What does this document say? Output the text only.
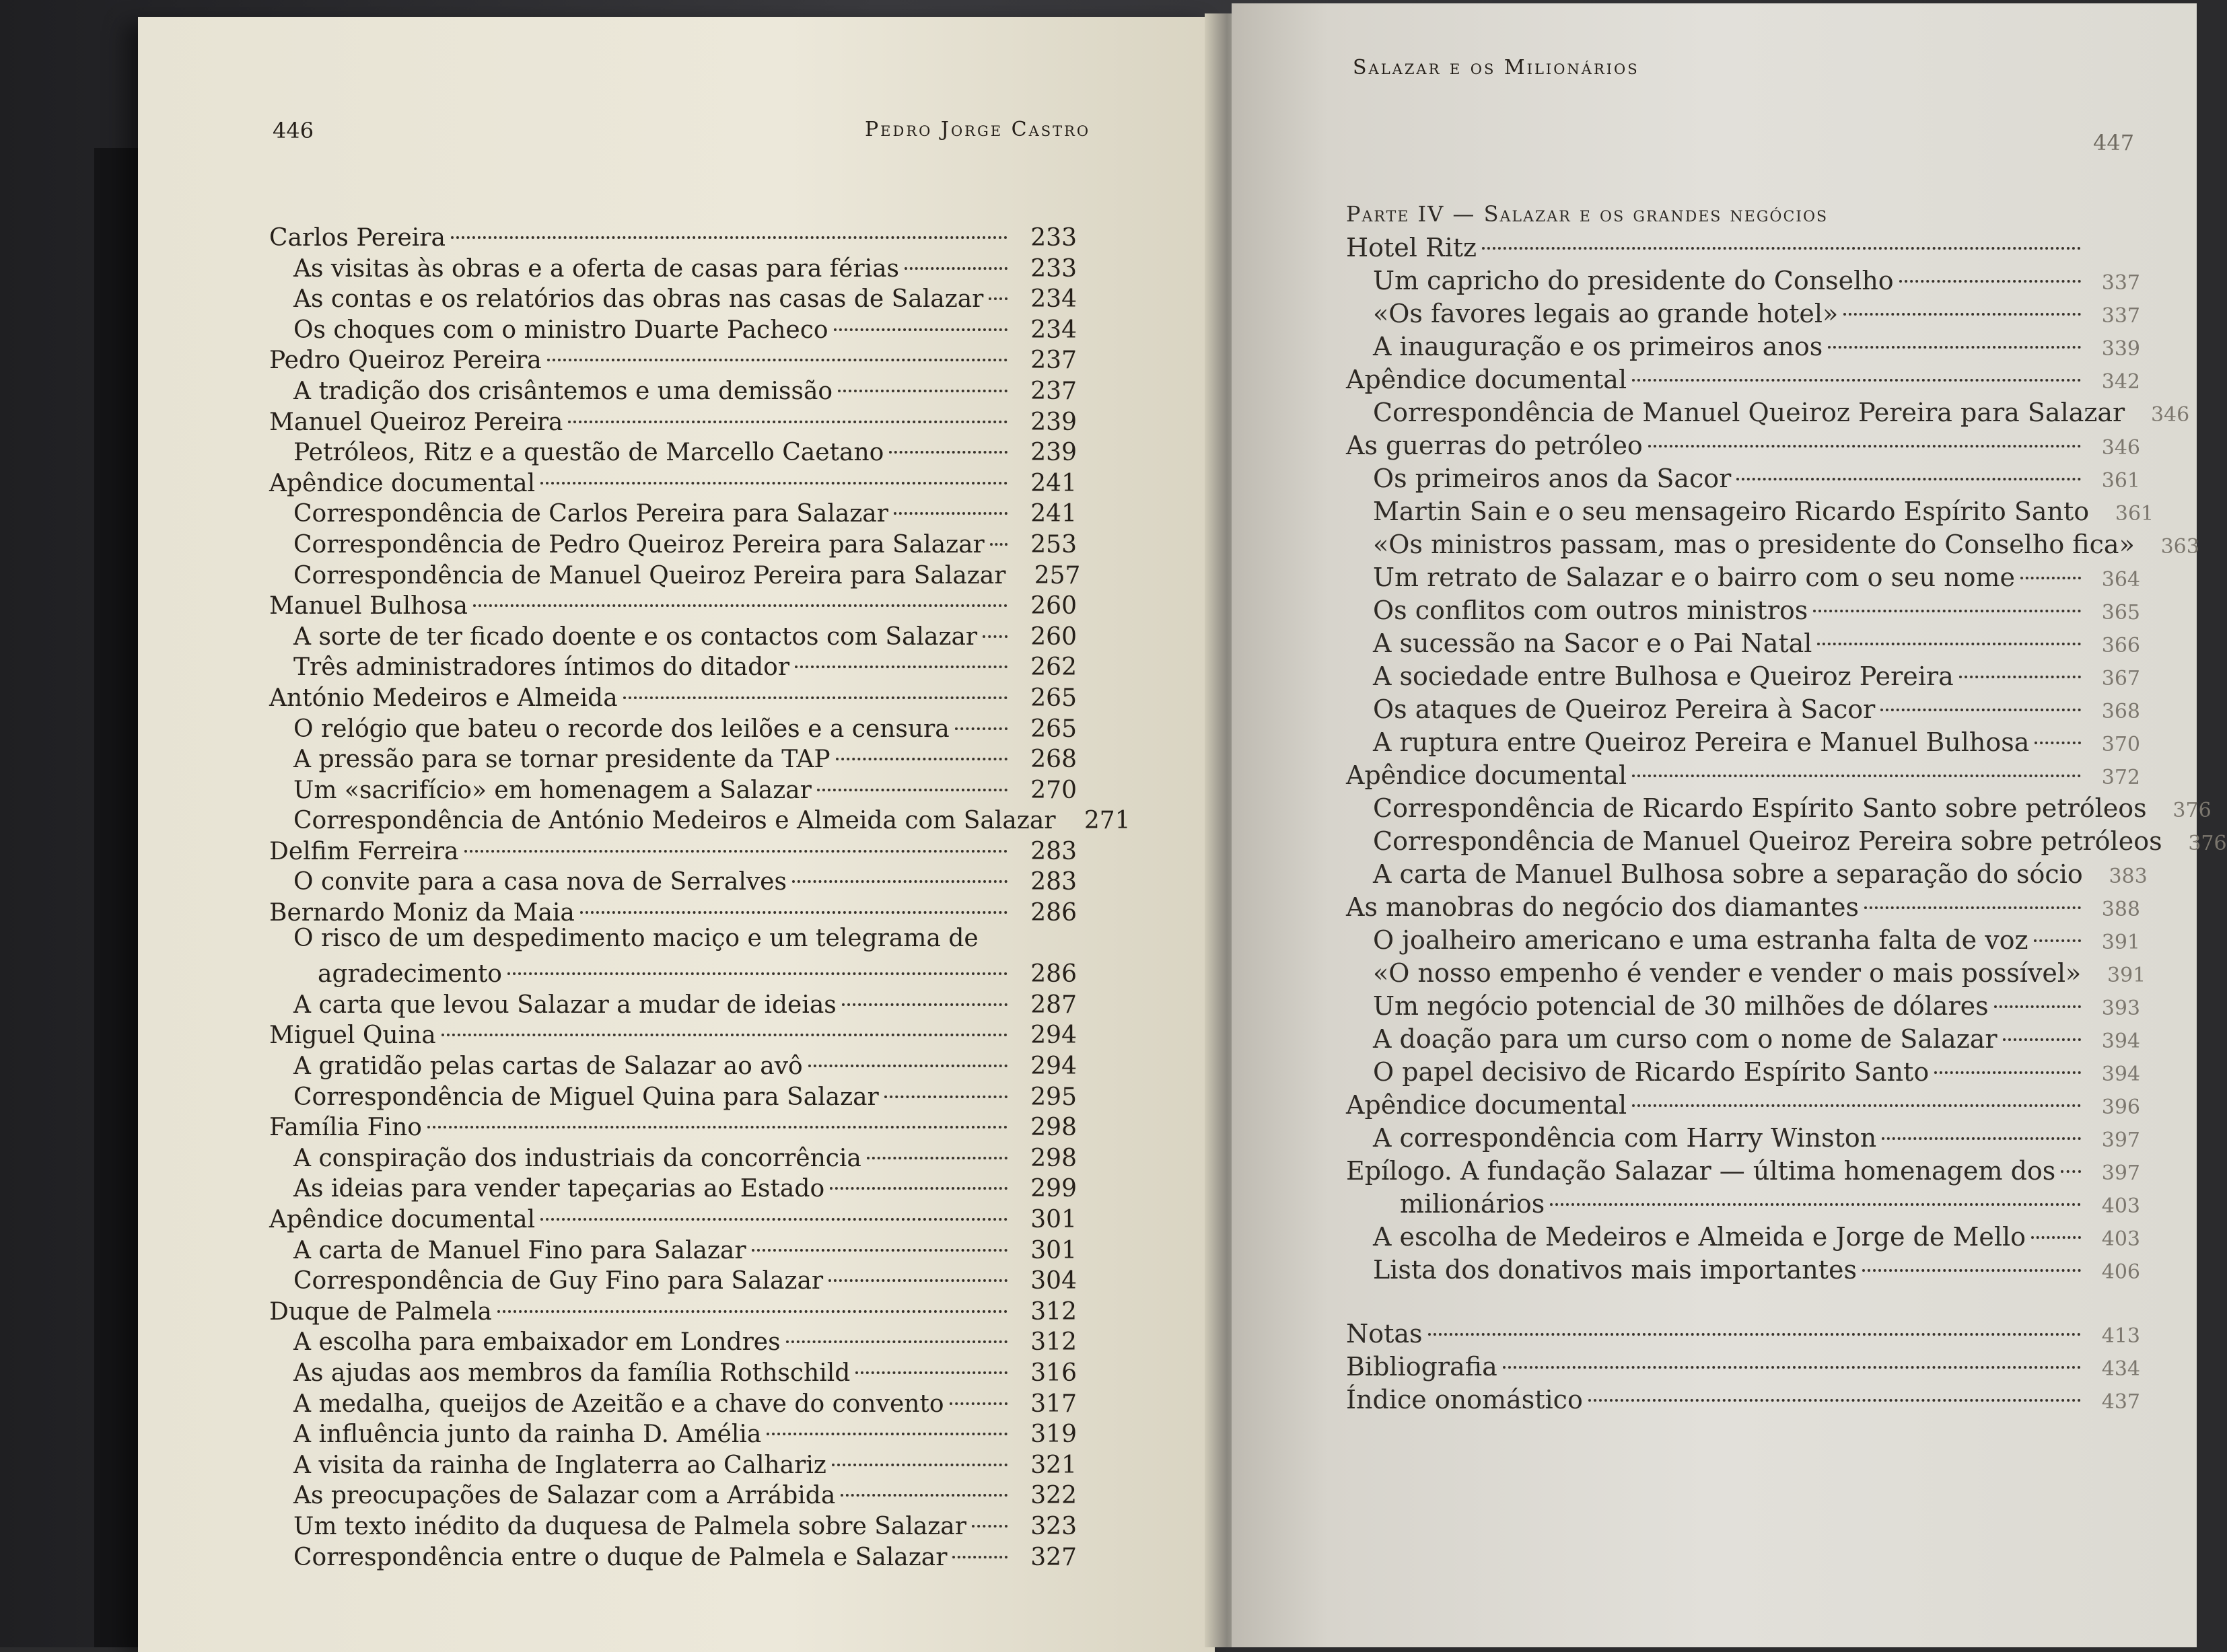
446	Pedro Jorge Castro
Carlos Pereira	233
As visitas às obras e a oferta de casas para férias	233
As contas e os relatórios das obras nas casas de Salazar	234
Os choques com o ministro Duarte Pacheco	234
Pedro Queiroz Pereira	237
A tradição dos crisântemos e uma demissão	237
Manuel Queiroz Pereira	239
Petróleos, Ritz e a questão de Marcello Caetano	239
Apêndice documental	241
Correspondência de Carlos Pereira para Salazar	241
Correspondência de Pedro Queiroz Pereira para Salazar	253
Correspondência de Manuel Queiroz Pereira para Salazar	257
Manuel Bulhosa	260
A sorte de ter ficado doente e os contactos com Salazar	260
Três administradores íntimos do ditador	262
António Medeiros e Almeida	265
O relógio que bateu o recorde dos leilões e a censura	265
A pressão para se tornar presidente da TAP	268
Um «sacrifício» em homenagem a Salazar	270
Correspondência de António Medeiros e Almeida com Salazar	271
Delfim Ferreira	283
O convite para a casa nova de Serralves	283
Bernardo Moniz da Maia	286
O risco de um despedimento maciço e um telegrama de
agradecimento	286
A carta que levou Salazar a mudar de ideias	287
Miguel Quina	294
A gratidão pelas cartas de Salazar ao avô	294
Correspondência de Miguel Quina para Salazar	295
Família Fino	298
A conspiração dos industriais da concorrência	298
As ideias para vender tapeçarias ao Estado	299
Apêndice documental	301
A carta de Manuel Fino para Salazar	301
Correspondência de Guy Fino para Salazar	304
Duque de Palmela	312
A escolha para embaixador em Londres	312
As ajudas aos membros da família Rothschild	316
A medalha, queijos de Azeitão e a chave do convento	317
A influência junto da rainha D. Amélia	319
A visita da rainha de Inglaterra ao Calhariz	321
As preocupações de Salazar com a Arrábida	322
Um texto inédito da duquesa de Palmela sobre Salazar	323
Correspondência entre o duque de Palmela e Salazar	327
Salazar e os Milionários
447
Parte IV — Salazar e os grandes negócios
Hotel Ritz
Um capricho do presidente do Conselho	337
«Os favores legais ao grande hotel»	337
A inauguração e os primeiros anos	339
Apêndice documental	342
Correspondência de Manuel Queiroz Pereira para Salazar	346
As guerras do petróleo	346
Os primeiros anos da Sacor	361
Martin Sain e o seu mensageiro Ricardo Espírito Santo	361
«Os ministros passam, mas o presidente do Conselho fica»	363
Um retrato de Salazar e o bairro com o seu nome	364
Os conflitos com outros ministros	365
A sucessão na Sacor e o Pai Natal	366
A sociedade entre Bulhosa e Queiroz Pereira	367
Os ataques de Queiroz Pereira à Sacor	368
A ruptura entre Queiroz Pereira e Manuel Bulhosa	370
Apêndice documental	372
Correspondência de Ricardo Espírito Santo sobre petróleos	376
Correspondência de Manuel Queiroz Pereira sobre petróleos	376
A carta de Manuel Bulhosa sobre a separação do sócio	383
As manobras do negócio dos diamantes	388
O joalheiro americano e uma estranha falta de voz	391
«O nosso empenho é vender e vender o mais possível»	391
Um negócio potencial de 30 milhões de dólares	393
A doação para um curso com o nome de Salazar	394
O papel decisivo de Ricardo Espírito Santo	394
Apêndice documental	396
A correspondência com Harry Winston	397
Epílogo. A fundação Salazar — última homenagem dos	397
milionários	403
A escolha de Medeiros e Almeida e Jorge de Mello	403
Lista dos donativos mais importantes	406
Notas	413
Bibliografia	434
Índice onomástico	437
